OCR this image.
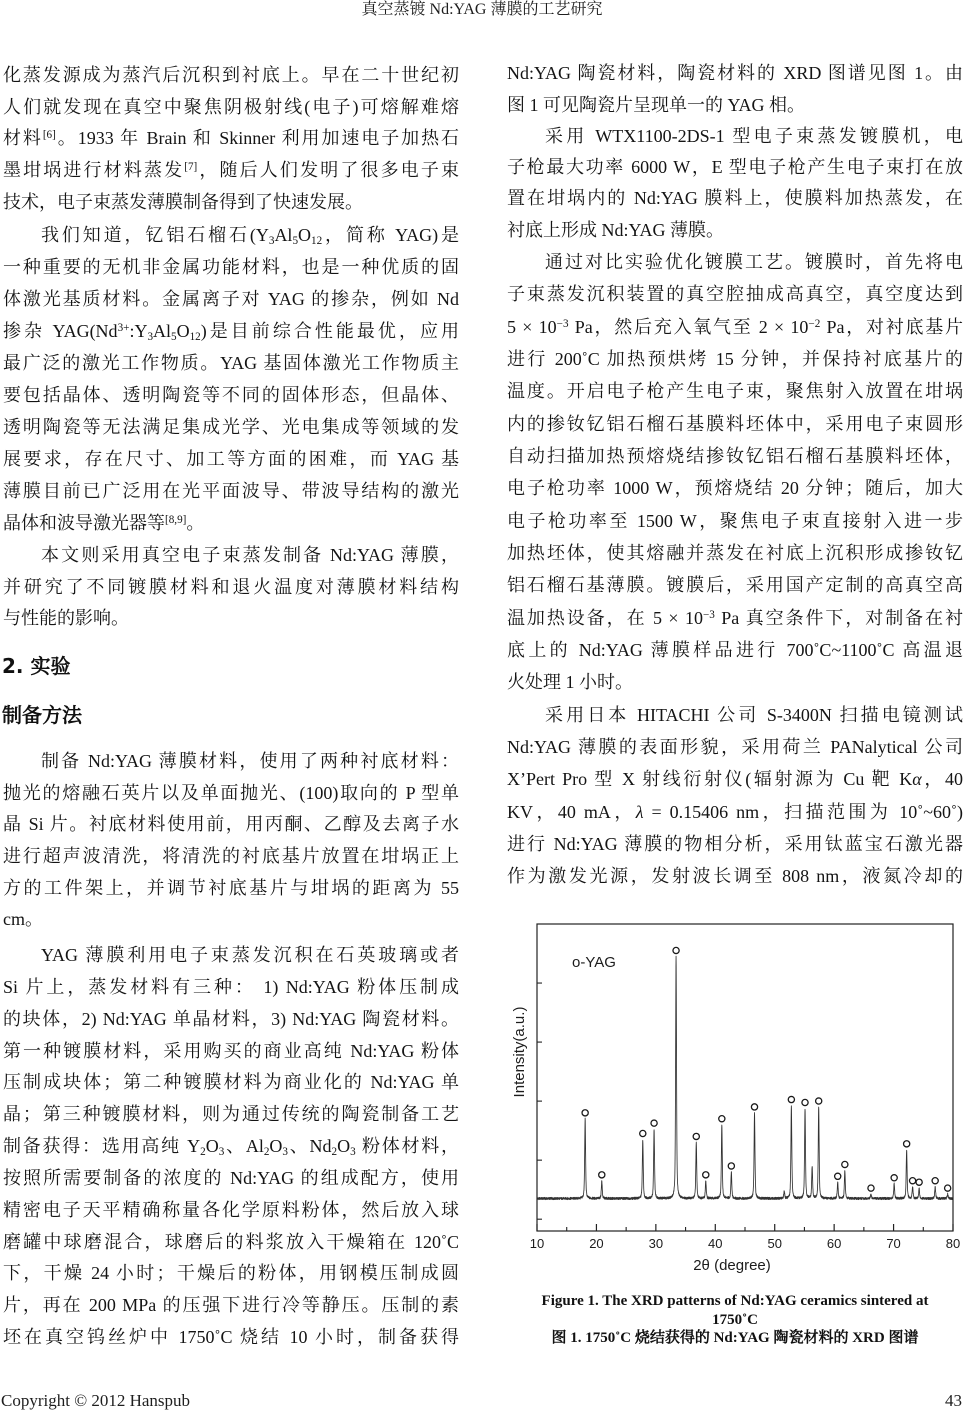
真空蒸镀 Nd:YAG 薄膜的工艺研究
化蒸发源成为蒸汽后沉积到衬底上。早在二十世纪初
人们就发现在真空中聚焦阴极射线(电子)可熔解难熔
材料[6]。1933 年 Brain 和 Skinner 利用加速电子加热石
墨坩埚进行材料蒸发[7]，随后人们发明了很多电子束
技术，电子束蒸发薄膜制备得到了快速发展。
我们知道，钇铝石榴石($Y_3Al_5O_{12}$，简称 YAG)是
一种重要的无机非金属功能材料，也是一种优质的固
体激光基质材料。金属离子对 YAG 的掺杂，例如 Nd
掺杂 $YAG(Nd^{3+}:Y_3Al_5O_{12})$是目前综合性能最优，应用
最广泛的激光工作物质。YAG 基固体激光工作物质主
要包括晶体、透明陶瓷等不同的固体形态，但晶体、
透明陶瓷等无法满足集成光学、光电集成等领域的发
展要求，存在尺寸、加工等方面的困难，而 YAG 基
薄膜目前已广泛用在光平面波导、带波导结构的激光
晶体和波导激光器等[8,9]。
本文则采用真空电子束蒸发制备 Nd:YAG 薄膜，
并研究了不同镀膜材料和退火温度对薄膜材料结构
与性能的影响。
2. 实验
制备方法
制备 Nd:YAG 薄膜材料，使用了两种衬底材料：
抛光的熔融石英片以及单面抛光、(100)取向的 P 型单
晶 Si 片。衬底材料使用前，用丙酮、乙醇及去离子水
进行超声波清洗，将清洗的衬底基片放置在坩埚正上
方的工件架上，并调节衬底基片与坩埚的距离为 55
cm。
YAG 薄膜利用电子束蒸发沉积在石英玻璃或者
Si 片上，蒸发材料有三种： 1) Nd:YAG 粉体压制成
的块体，2) Nd:YAG 单晶材料，3) Nd:YAG 陶瓷材料。
第一种镀膜材料，采用购买的商业高纯 Nd:YAG 粉体
压制成块体；第二种镀膜材料为商业化的 Nd:YAG 单
晶；第三种镀膜材料，则为通过传统的陶瓷制备工艺
制备获得：选用高纯 $Y_2O_3$、$Al_2O_3$、$Nd_2O_3$ 粉体材料，
按照所需要制备的浓度的 Nd:YAG 的组成配方，使用
精密电子天平精确称量各化学原料粉体，然后放入球
磨罐中球磨混合，球磨后的料浆放入干燥箱在 120˚C
下，干燥 24 小时；干燥后的粉体，用钢模压制成圆
片，再在 200 MPa 的压强下进行冷等静压。压制的素
坯在真空钨丝炉中 1750˚C 烧结 10 小时，制备获得
Nd:YAG 陶瓷材料，陶瓷材料的 XRD 图谱见图 1。由
图 1 可见陶瓷片呈现单一的 YAG 相。
采用 WTX1100-2DS-1 型电子束蒸发镀膜机，电
子枪最大功率 6000 W，E 型电子枪产生电子束打在放
置在坩埚内的 Nd:YAG 膜料上，使膜料加热蒸发，在
衬底上形成 Nd:YAG 薄膜。
通过对比实验优化镀膜工艺。镀膜时，首先将电
子束蒸发沉积装置的真空腔抽成高真空，真空度达到
$5 \times 10^{-3}$ Pa，然后充入氧气至 $2 \times 10^{-2}$ Pa，对衬底基片
进行 200˚C 加热预烘烤 15 分钟，并保持衬底基片的
温度。开启电子枪产生电子束，聚焦射入放置在坩埚
内的掺钕钇铝石榴石基膜料坯体中，采用电子束圆形
自动扫描加热预熔烧结掺钕钇铝石榴石基膜料坯体，
电子枪功率 1000 W，预熔烧结 20 分钟；随后，加大
电子枪功率至 1500 W，聚焦电子束直接射入进一步
加热坯体，使其熔融并蒸发在衬底上沉积形成掺钕钇
铝石榴石基薄膜。镀膜后，采用国产定制的高真空高
温加热设备，在 $5 \times 10^{-3}$ Pa 真空条件下，对制备在衬
底上的 Nd:YAG 薄膜样品进行 700˚C~1100˚C 高温退
火处理 1 小时。
采用日本 HITACHI 公司 S-3400N 扫描电镜测试
Nd:YAG 薄膜的表面形貌，采用荷兰 PANalytical 公司
X’Pert Pro 型 X 射线衍射仪(辐射源为 Cu 靶 Kα，40
KV，40 mA，λ = 0.15406 nm，扫描范围为 10˚~60˚)
进行 Nd:YAG 薄膜的物相分析，采用钛蓝宝石激光器
作为激发光源，发射波长调至 808 nm，液氮冷却的
10	20	30	40	50	60	70	80
o-YAG
2θ (degree)
Intensity(a.u.)
Figure 1. The XRD patterns of Nd:YAG ceramics sintered at
1750˚C
图 1. 1750˚C 烧结获得的 Nd:YAG 陶瓷材料的 XRD 图谱
Copyright © 2012 Hanspub	43
